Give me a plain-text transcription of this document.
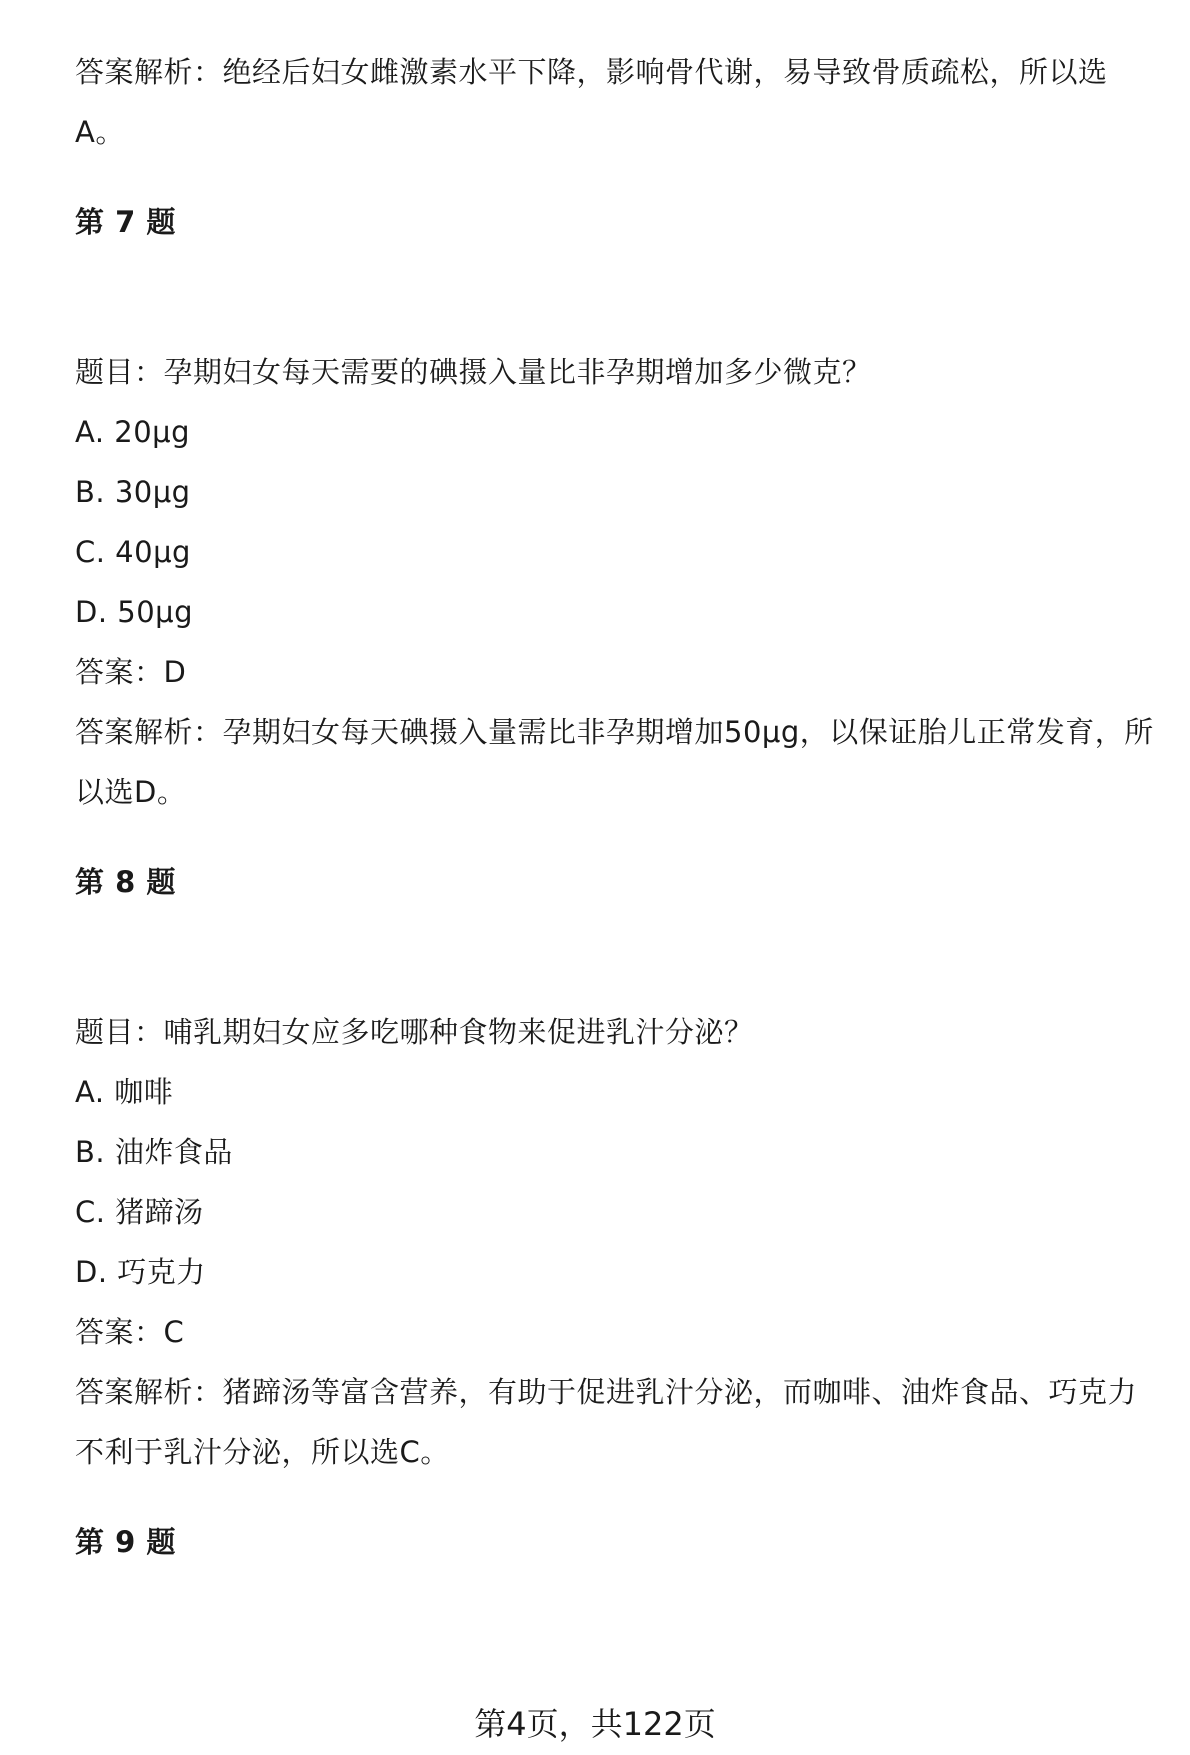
答案解析：绝经后妇女雌激素水平下降，影响骨代谢，易导致骨质疏松，所以选
A。
第 7 题
题目：孕期妇女每天需要的碘摄入量比非孕期增加多少微克？
A. 20μg
B. 30μg
C. 40μg
D. 50μg
答案：D
答案解析：孕期妇女每天碘摄入量需比非孕期增加50μg，以保证胎儿正常发育，所
以选D。
第 8 题
题目：哺乳期妇女应多吃哪种食物来促进乳汁分泌？
A. 咖啡
B. 油炸食品
C. 猪蹄汤
D. 巧克力
答案：C
答案解析：猪蹄汤等富含营养，有助于促进乳汁分泌，而咖啡、油炸食品、巧克力
不利于乳汁分泌，所以选C。
第 9 题
第4页，共122页
